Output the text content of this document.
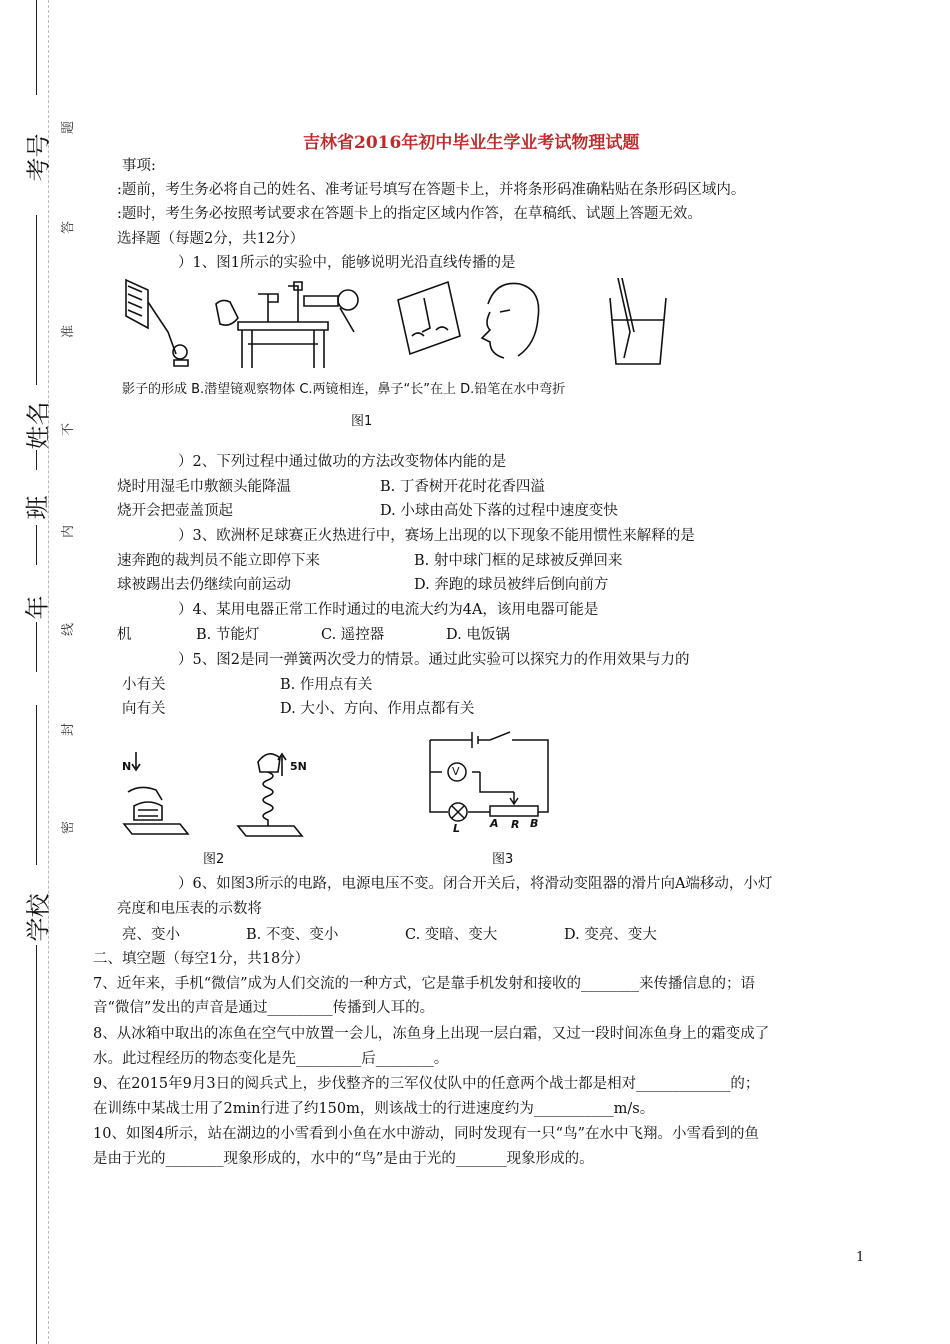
考号
姓名
年
班
学校
题
答
准
不
内
线
封
密
吉林省2016年初中毕业生学业考试物理试题
事项:
:题前，考生务必将自己的姓名、准考证号填写在答题卡上，并将条形码准确粘贴在条形码区域内。
:题时，考生务必按照考试要求在答题卡上的指定区域内作答，在草稿纸、试题上答题无效。
选择题（每题2分，共12分）
）1、图1所示的实验中，能够说明光沿直线传播的是
影子的形成 B.潜望镜观察物体 C.两镜相连，鼻子“长”在上 D.铅笔在水中弯折
图1
）2、下列过程中通过做功的方法改变物体内能的是
烧时用湿毛巾敷额头能降温	B. 丁香树开花时花香四溢
烧开会把壶盖顶起	D. 小球由高处下落的过程中速度变快
）3、欧洲杯足球赛正火热进行中，赛场上出现的以下现象不能用惯性来解释的是
速奔跑的裁判员不能立即停下来	B. 射中球门框的足球被反弹回来
球被踢出去仍继续向前运动	D. 奔跑的球员被绊后倒向前方
）4、某用电器正常工作时通过的电流大约为4A，该用电器可能是
机	B. 节能灯	C. 遥控器	D. 电饭锅
）5、图2是同一弹簧两次受力的情景。通过此实验可以探究力的作用效果与力的
小有关	B. 作用点有关
向有关	D. 大小、方向、作用点都有关
N	5N
图2
V
L	A R B
图3
）6、如图3所示的电路，电源电压不变。闭合开关后，将滑动变阻器的滑片向A端移动，小灯
亮度和电压表的示数将
亮、变小	B. 不变、变小	C. 变暗、变大	D. 变亮、变大
二、填空题（每空1分，共18分）
7、近年来，手机“微信”成为人们交流的一种方式，它是靠手机发射和接收的________来传播信息的；语
音“微信”发出的声音是通过_________传播到人耳的。
8、从冰箱中取出的冻鱼在空气中放置一会儿，冻鱼身上出现一层白霜，又过一段时间冻鱼身上的霜变成了
水。此过程经历的物态变化是先_________后________。
9、在2015年9月3日的阅兵式上，步伐整齐的三军仪仗队中的任意两个战士都是相对_____________的；
在训练中某战士用了2min行进了约150m，则该战士的行进速度约为___________m/s。
10、如图4所示，站在湖边的小雪看到小鱼在水中游动，同时发现有一只“鸟”在水中飞翔。小雪看到的鱼
是由于光的________现象形成的，水中的“鸟”是由于光的_______现象形成的。
1
